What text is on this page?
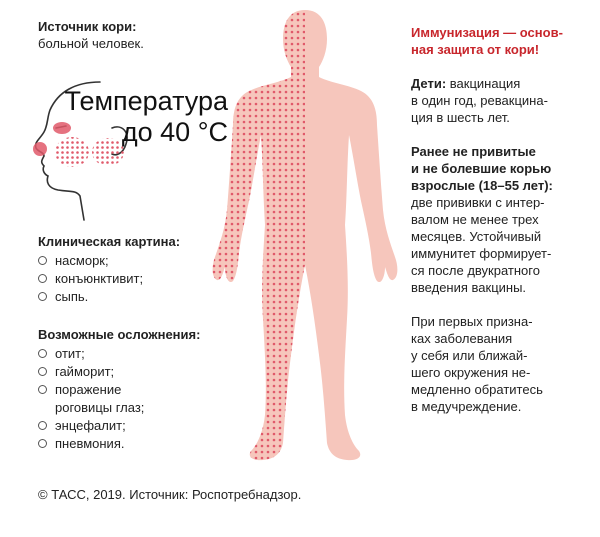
Источник кори:
больной человек.
Температура
до 40 °С
Клиническая картина:
насморк;
конъюнктивит;
сыпь.
Возможные осложнения:
отит;
гайморит;
поражение
роговицы глаз;
энцефалит;
пневмония.

Иммунизация — основ-

ная защита от кори!

Дети: вакцинация

в один год, ревакцина-

ция в шесть лет.

Ранее не привитые

и не болевшие корью

взрослые (18–55 лет):

две прививки с интер-

валом не менее трех

месяцев. Устойчивый

иммунитет формирует-

ся после двукратного

введения вакцины.

При первых призна-

ках заболевания

у себя или ближай-

шего окружения не-

медленно обратитесь

в медучреждение.

© ТАСС, 2019. Источник: Роспотребнадзор.
